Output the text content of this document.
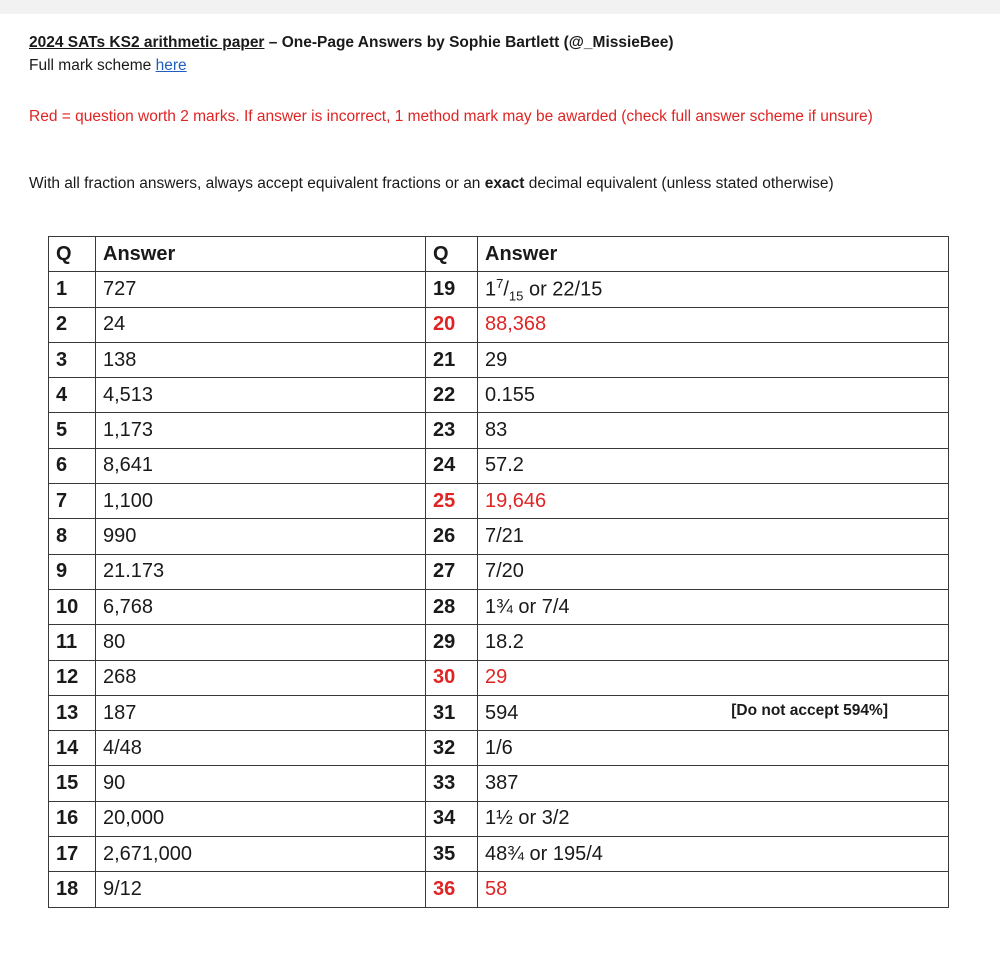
2024 SATs KS2 arithmetic paper – One-Page Answers by Sophie Bartlett (@_MissieBee)
Full mark scheme here
Red = question worth 2 marks. If answer is incorrect, 1 method mark may be awarded (check full answer scheme if unsure)
With all fraction answers, always accept equivalent fractions or an exact decimal equivalent (unless stated otherwise)
Q	Answer	Q	Answer
1	727	19	$1^7/_{15}$ or 22/15
2	24	20	88,368
3	138	21	29
4	4,513	22	0.155
5	1,173	23	83
6	8,641	24	57.2
7	1,100	25	19,646
8	990	26	7/21
9	21.173	27	7/20
10	6,768	28	1¾ or 7/4
11	80	29	18.2
12	268	30	29
13	187	31	594 [Do not accept 594%]

14	4/48	32	1/6
15	90	33	387
16	20,000	34	1½ or 3/2
17	2,671,000	35	48¾ or 195/4
18	9/12	36	58
